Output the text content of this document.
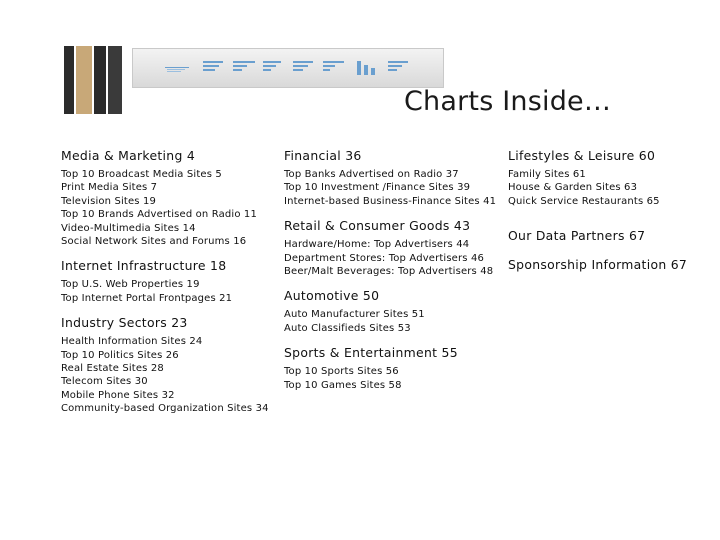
Charts Inside…
Media & Marketing 4
Top 10 Broadcast Media Sites 5
Print Media Sites 7
Television Sites 19
Top 10 Brands Advertised on Radio 11
Video-Multimedia Sites 14
Social Network Sites and Forums 16
Internet Infrastructure 18
Top U.S. Web Properties 19
Top Internet Portal Frontpages 21
Industry Sectors 23
Health Information Sites 24
Top 10 Politics Sites 26
Real Estate Sites 28
Telecom Sites 30
Mobile Phone Sites 32
Community-based Organization Sites 34
Financial 36
Top Banks Advertised on Radio 37
Top 10 Investment /Finance Sites 39
Internet-based Business-Finance Sites 41
Retail & Consumer Goods 43
Hardware/Home: Top Advertisers 44
Department Stores: Top Advertisers 46
Beer/Malt Beverages: Top Advertisers 48
Automotive 50
Auto Manufacturer Sites 51
Auto Classifieds Sites 53
Sports & Entertainment 55
Top 10 Sports Sites 56
Top 10 Games Sites 58
Lifestyles & Leisure 60
Family Sites 61
House & Garden Sites 63
Quick Service Restaurants 65
Our Data Partners 67
Sponsorship Information 67
